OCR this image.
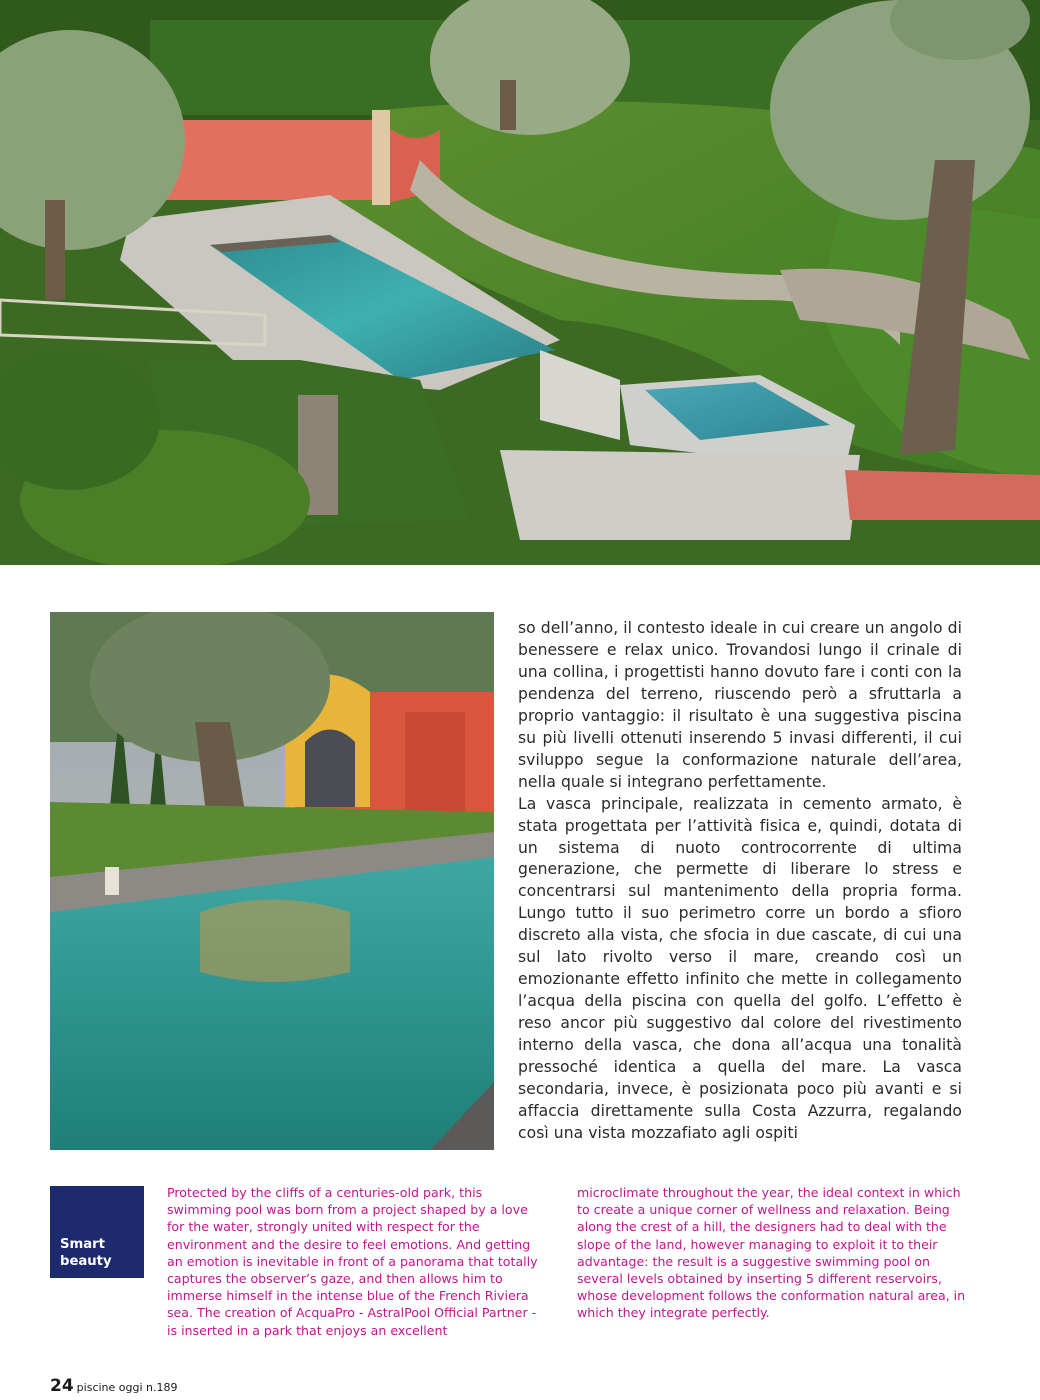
so dell’anno, il contesto ideale in cui creare un angolo di benessere e relax unico. Trovandosi lungo il crinale di una collina, i progettisti hanno dovuto fare i conti con la pendenza del terreno, riuscendo però a sfruttarla a proprio vantaggio: il risultato è una suggestiva piscina su più livelli ottenuti inserendo 5 invasi differenti, il cui sviluppo segue la conformazione naturale dell’area, nella quale si integrano perfettamente.

La vasca principale, realizzata in cemento armato, è stata progettata per l’attività fisica e, quindi, dotata di un sistema di nuoto controcorrente di ultima generazione, che permette di liberare lo stress e concentrarsi sul mantenimento della propria forma. Lungo tutto il suo perimetro corre un bordo a sfioro discreto alla vista, che sfocia in due cascate, di cui una sul lato rivolto verso il mare, creando così un emozionante effetto infinito che mette in collegamento l’acqua della piscina con quella del golfo. L’effetto è reso ancor più suggestivo dal colore del rivestimento interno della vasca, che dona all’acqua una tonalità pressoché identica a quella del mare. La vasca secondaria, invece, è posizionata poco più avanti e si affaccia direttamente sulla Costa Azzurra, regalando così una vista mozzafiato agli ospiti

Smart
beauty
Protected by the cliffs of a centuries-old park, this swimming pool was born from a project shaped by a love for the water, strongly united with respect for the environment and the desire to feel emotions. And getting an emotion is inevitable in front of a panorama that totally captures the observer’s gaze, and then allows him to immerse himself in the intense blue of the French Riviera sea. The creation of AcquaPro - AstralPool Official Partner - is inserted in a park that enjoys an excellent
microclimate throughout the year, the ideal context in which to create a unique corner of wellness and relaxation. Being along the crest of a hill, the designers had to deal with the slope of the land, however managing to exploit it to their advantage: the result is a suggestive swimming pool on several levels obtained by inserting 5 different reservoirs, whose development follows the conformation natural area, in which they integrate perfectly.
24 piscine oggi n.189
